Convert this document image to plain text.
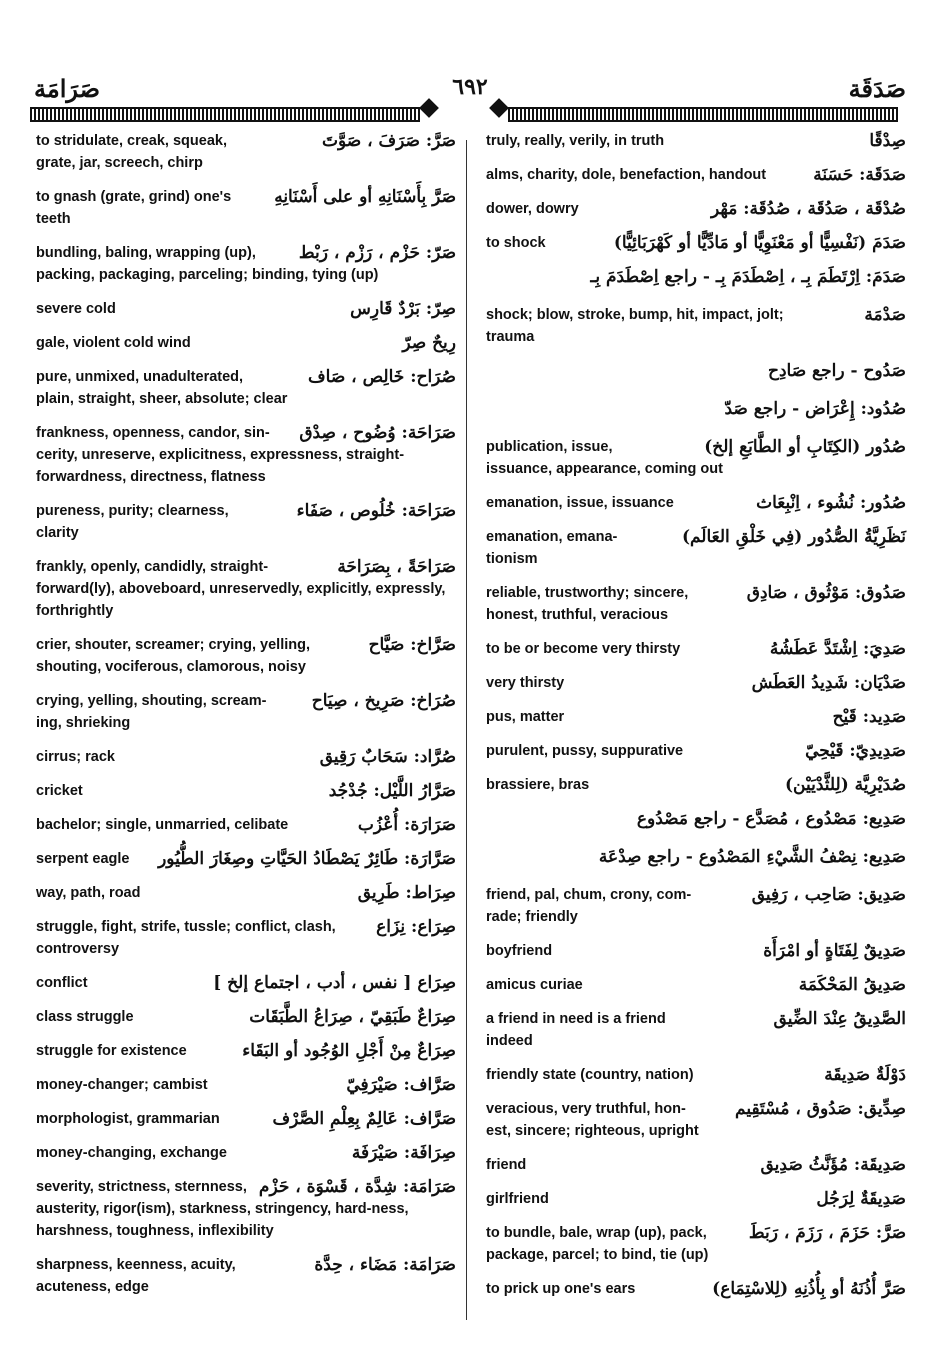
صَرَامَة	٦٩٢	صَدَقَة
صَرَّ: صَرَفَ ، صَوَّتَ
to stridulate, creak, squeak,
grate, jar, screech, chirp
صَرَّ بِأَسْنَانِهِ أو على أَسْنَانِهِ
to gnash (grate, grind) one's
teeth
صَرّ: حَزْم ، رَزْم ، رَبْط
bundling, baling, wrapping (up),
packing, packaging, parceling; binding, tying (up)
صِرّ: بَرْدٌ قَارِس
severe cold
رِيحٌ صِرّ
gale, violent cold wind
صُرَاح: خَالِص ، صَاف
pure, unmixed, unadulterated,
plain, straight, sheer, absolute; clear
صَرَاحَة: وُضُوح ، صِدْق
frankness, openness, candor, sin-
cerity, unreserve, explicitness, expressness, straight-forwardness, directness, flatness
صَرَاحَة: خُلُوص ، صَفَاء
pureness, purity; clearness,
clarity
صَرَاحَةً ، بِصَرَاحَة
frankly, openly, candidly, straight-
forward(ly), aboveboard, unreservedly, explicitly, expressly, forthrightly
صَرَّاخ: صَيَّاح
crier, shouter, screamer; crying, yelling,
shouting, vociferous, clamorous, noisy
صُرَاخ: صَرِيخ ، صِيَاح
crying, yelling, shouting, scream-
ing, shrieking
صُرَّاد: سَحَابٌ رَقِيق
cirrus; rack
صَرَّارُ اللَّيْل: جُدْجُد
cricket
صَرَارَة: أُعْزُب
bachelor; single, unmarried, celibate
صَرَّارَة: طَائِرٌ يَصْطَادُ الحَيَّاتِ وصِغَارَ الطُّيُور
serpent eagle
صِرَاط: طَرِيق
way, path, road
صِرَاع: نِزَاع
struggle, fight, strife, tussle; conflict, clash,
controversy
صِرَاع [ نفس ، أدب ، اجتماع إلخ ]
conflict
صِرَاعٌ طَبَقِيّ ، صِرَاعُ الطَّبَقَات
class struggle
صِرَاعٌ مِنْ أَجْلِ الوُجُود أو البَقَاء
struggle for existence
صَرَّاف: صَيْرَفِيّ
money-changer; cambist
صَرَّاف: عَالِمٌ بِعِلْمِ الصَّرْف
morphologist, grammarian
صِرَافَة: صَيْرَفَة
money-changing, exchange
صَرَامَة: شِدَّة ، قَسْوَة ، حَزْم
severity, strictness, sternness,
austerity, rigor(ism), starkness, stringency, hard-ness, harshness, toughness, inflexibility
صَرَامَة: مَضَاء ، حِدَّة
sharpness, keenness, acuity,
acuteness, edge
صِدْقًا
truly, really, verily, in truth
صَدَقَة: حَسَنَة
alms, charity, dole, benefaction, handout
صُدْقَة ، صَدُقَة ، صُدُقَة: مَهْر
dower, dowry
صَدَمَ (نَفْسِيًّا أو مَعْنَوِيًّا أو مَادِّيًّا أو كَهْرَبَائِيًّا)
to shock
صَدَمَ: اِرْتَطَمَ بِـ ، اِصْطَدَمَ بِـ - راجع اِصْطَدَمَ بِـ
صَدْمَة
shock; blow, stroke, bump, hit, impact, jolt;
trauma
صَدُوح - راجع صَادِح
صُدُود: إِعْرَاض - راجع صَدّ
صُدُور (الكِتَابِ أو الطَّابَعِ إلخ)
publication, issue,
issuance, appearance, coming out
صُدُور: نُشُوء ، اِنْبِعَاث
emanation, issue, issuance
نَظَرِيَّةُ الصُّدُور (فِي خَلْقِ العَالَم)
emanation, emana-
tionism
صَدُوق: مَوْثُوق ، صَادِق
reliable, trustworthy; sincere,
honest, truthful, veracious
صَدِيَ: اِشْتَدَّ عَطَشُهُ
to be or become very thirsty
صَدْيَان: شَدِيدُ العَطَش
very thirsty
صَدِيد: قَيْح
pus, matter
صَدِيدِيّ: قَيْحِيّ
purulent, pussy, suppurative
صُدَيْرِيَّة (لِلثَّدْيَيْن)
brassiere, bras
صَدِيع: مَصْدُوع ، مُصَدَّع - راجع مَصْدُوع
صَدِيع: نِصْفُ الشَّيْءِ المَصْدُوع - راجع صِدْعَة
صَدِيق: صَاحِب ، رَفِيق
friend, pal, chum, crony, com-
rade; friendly
صَدِيقٌ لِفَتَاةٍ أو امْرَأَة
boyfriend
صَدِيقُ المَحْكَمَة
amicus curiae
الصَّدِيقُ عِنْدَ الضِّيق
a friend in need is a friend
indeed
دَوْلَةٌ صَدِيقَة
friendly state (country, nation)
صِدِّيق: صَدُوق ، مُسْتَقِيم
veracious, very truthful, hon-
est, sincere; righteous, upright
صَدِيقَة: مُؤَنَّثُ صَدِيق
friend
صَدِيقَةٌ لِرَجُل
girlfriend
صَرَّ: حَزَمَ ، رَزَمَ ، رَبَطَ
to bundle, bale, wrap (up), pack,
package, parcel; to bind, tie (up)
صَرَّ أُذُنَهُ أو بِأُذُنِهِ (لِلاسْتِمَاع)
to prick up one's ears
